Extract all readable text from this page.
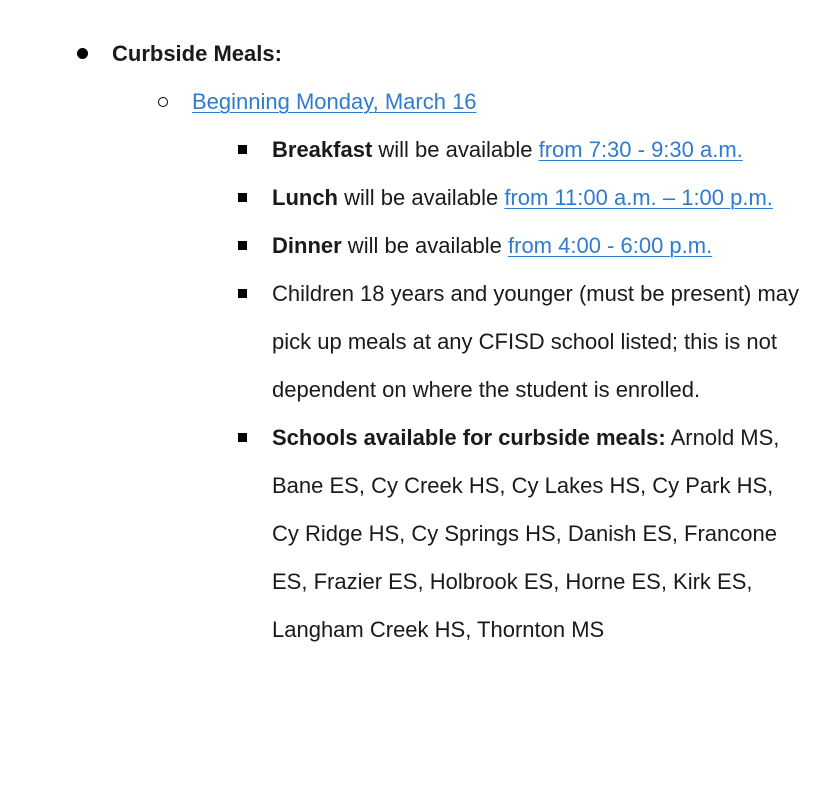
Curbside Meals:
Beginning Monday, March 16
Breakfast will be available from 7:30 - 9:30 a.m.
Lunch will be available from 11:00 a.m. – 1:00 p.m.
Dinner will be available from 4:00 - 6:00 p.m.
Children 18 years and younger (must be present) may pick up meals at any CFISD school listed; this is not dependent on where the student is enrolled.
Schools available for curbside meals: Arnold MS, Bane ES, Cy Creek HS, Cy Lakes HS, Cy Park HS, Cy Ridge HS, Cy Springs HS, Danish ES, Francone ES, Frazier ES, Holbrook ES, Horne ES, Kirk ES, Langham Creek HS, Thornton MS
